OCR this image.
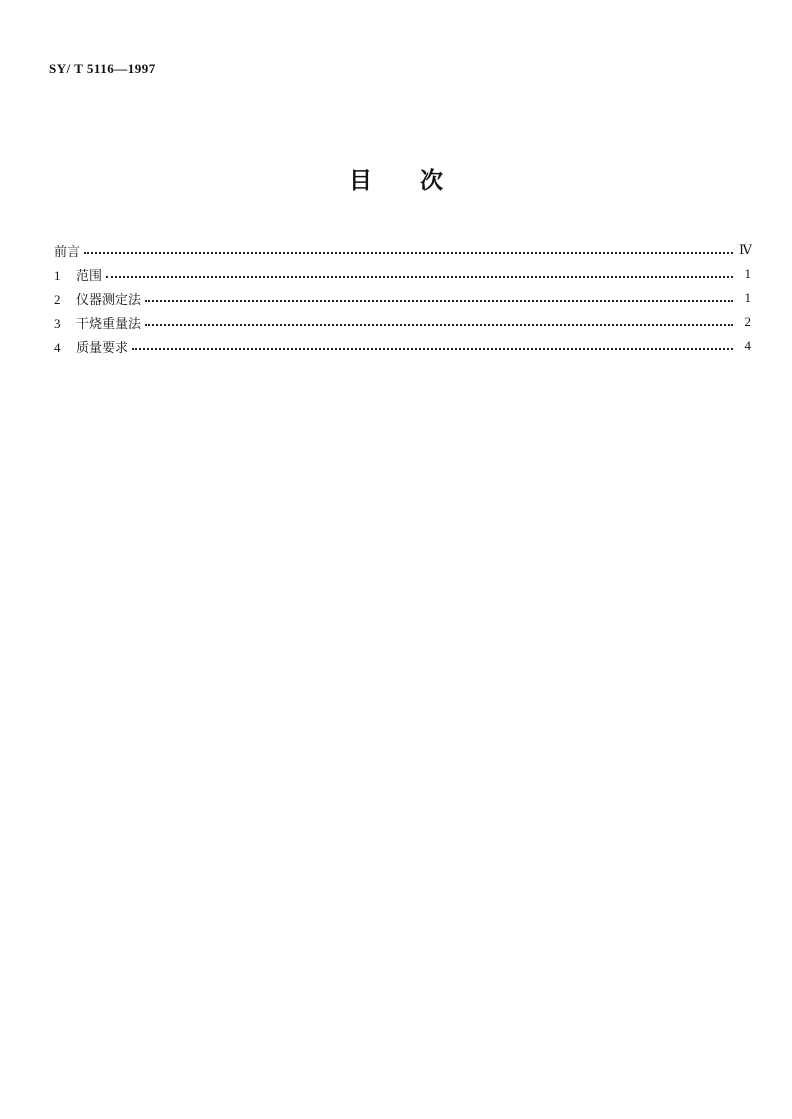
SY/ T 5116—1997
目 次
前言	Ⅳ
1	范围	1
2	仪器测定法	1
3	干烧重量法	2
4	质量要求	4
